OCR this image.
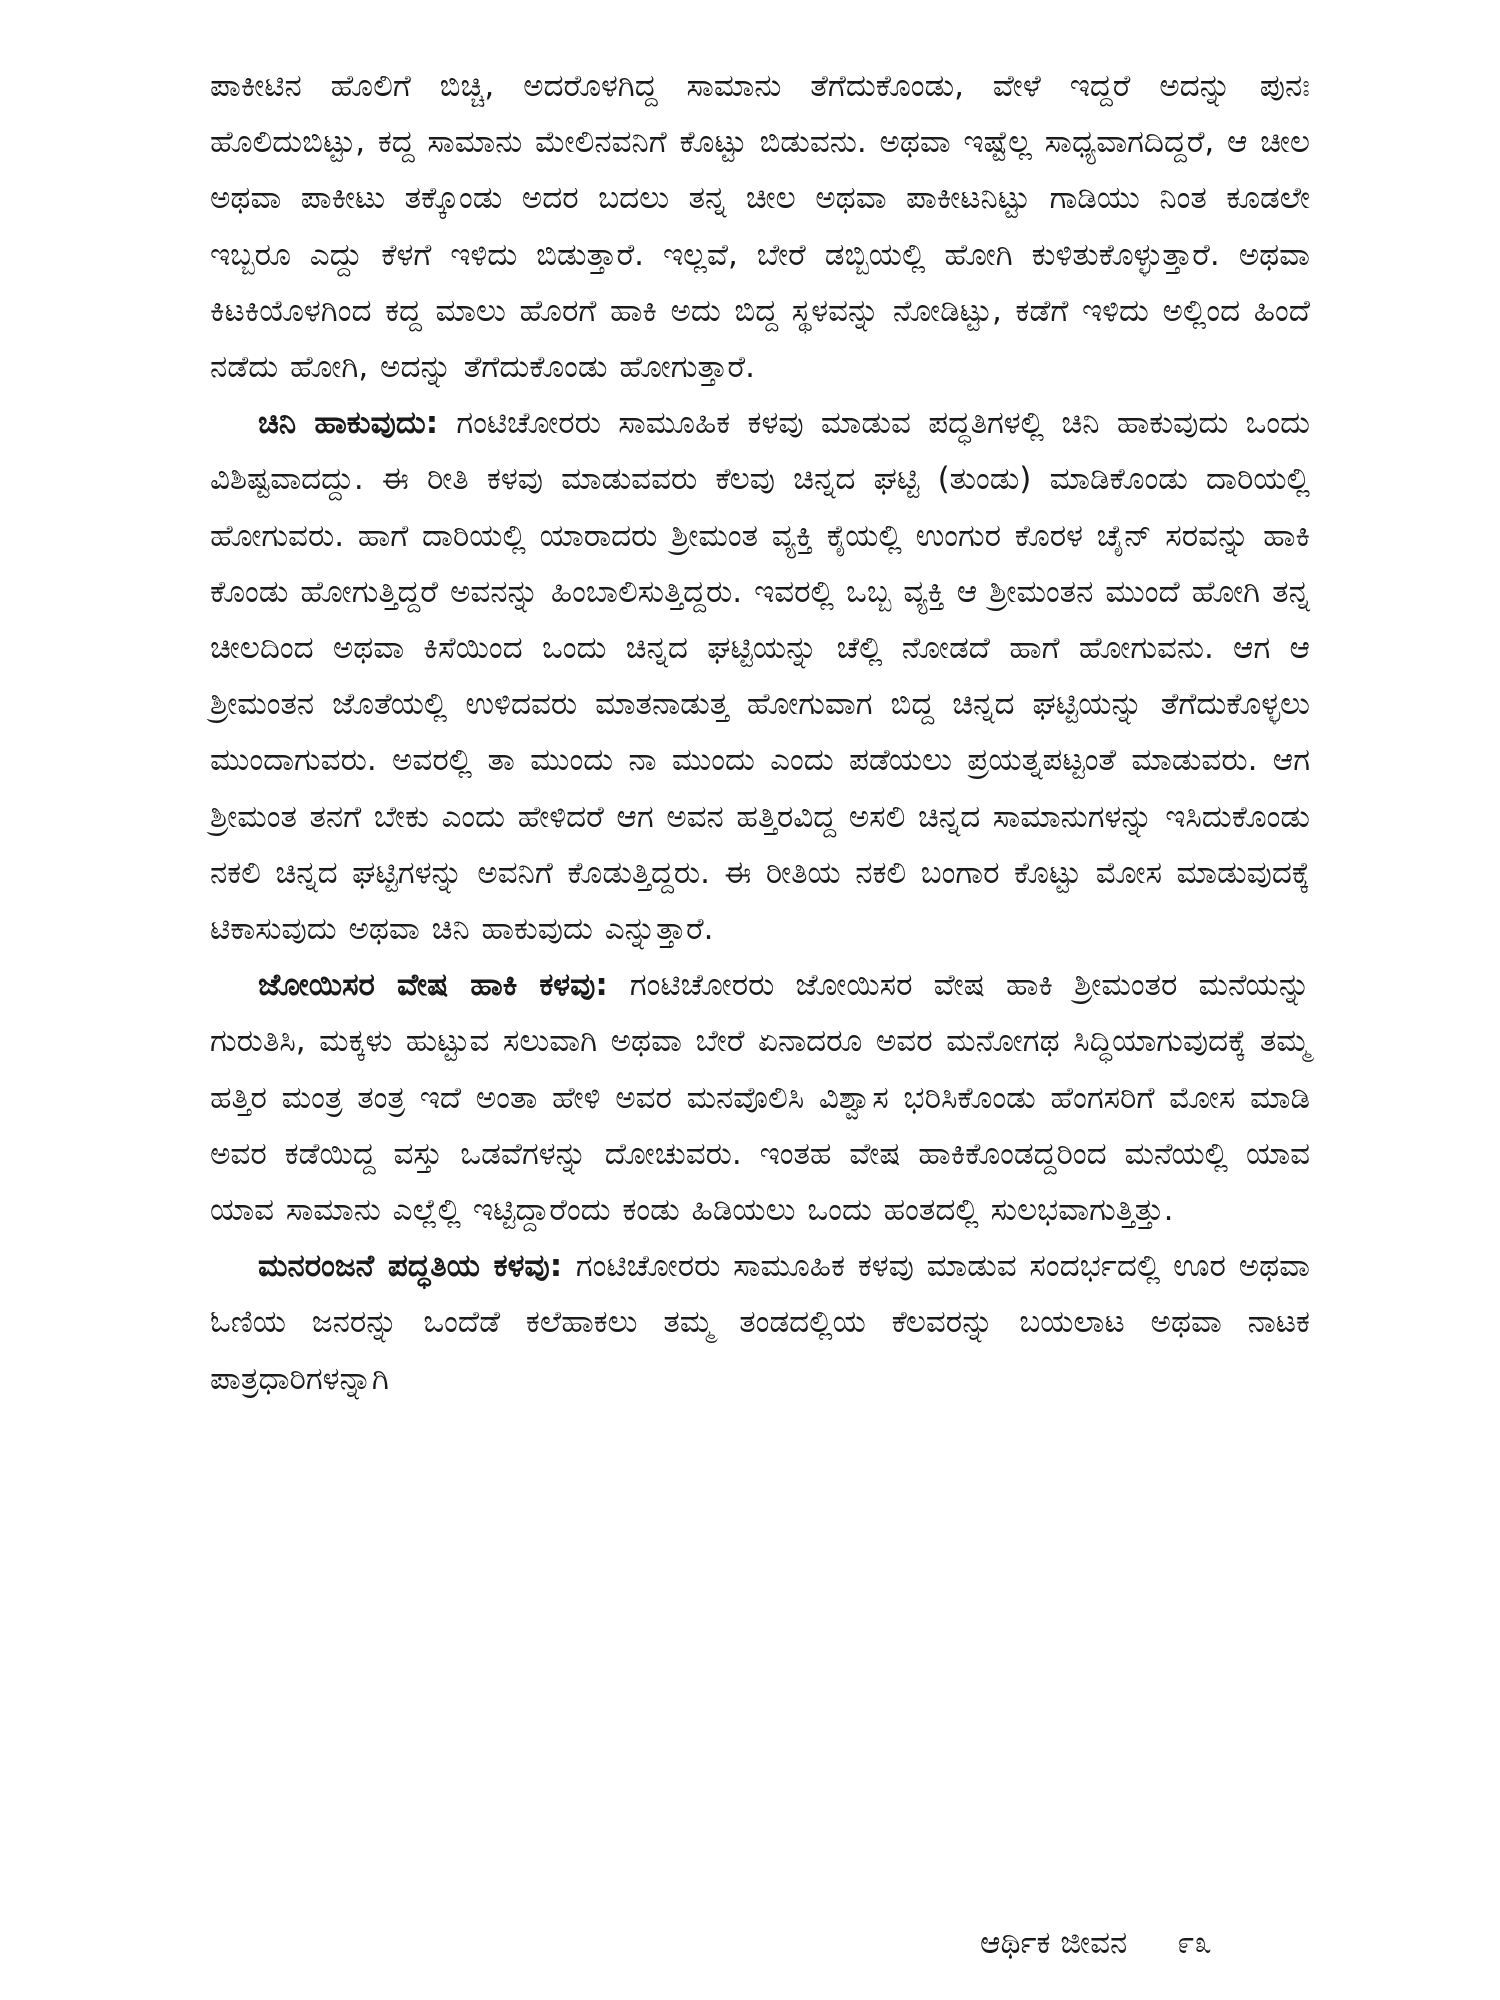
ಪಾಕೀಟಿನ ಹೊಲಿಗೆ ಬಿಚ್ಚಿ, ಅದರೊಳಗಿದ್ದ ಸಾಮಾನು ತೆಗೆದುಕೊಂಡು, ವೇಳೆ ಇದ್ದರೆ ಅದನ್ನು ಪುನಃ ಹೊಲಿದುಬಿಟ್ಟು, ಕದ್ದ ಸಾಮಾನು ಮೇಲಿನವನಿಗೆ ಕೊಟ್ಟು ಬಿಡುವನು. ಅಥವಾ ಇಷ್ಟೆಲ್ಲ ಸಾಧ್ಯವಾಗದಿದ್ದರೆ, ಆ ಚೀಲ ಅಥವಾ ಪಾಕೀಟು ತಕ್ಕೊಂಡು ಅದರ ಬದಲು ತನ್ನ ಚೀಲ ಅಥವಾ ಪಾಕೀಟನಿಟ್ಟು ಗಾಡಿಯು ನಿಂತ ಕೂಡಲೇ ಇಬ್ಬರೂ ಎದ್ದು ಕೆಳಗೆ ಇಳಿದು ಬಿಡುತ್ತಾರೆ. ಇಲ್ಲವೆ, ಬೇರೆ ಡಬ್ಬಿಯಲ್ಲಿ ಹೋಗಿ ಕುಳಿತುಕೊಳ್ಳುತ್ತಾರೆ. ಅಥವಾ ಕಿಟಕಿಯೊಳಗಿಂದ ಕದ್ದ ಮಾಲು ಹೊರಗೆ ಹಾಕಿ ಅದು ಬಿದ್ದ ಸ್ಥಳವನ್ನು ನೋಡಿಟ್ಟು, ಕಡೆಗೆ ಇಳಿದು ಅಲ್ಲಿಂದ ಹಿಂದೆ ನಡೆದು ಹೋಗಿ, ಅದನ್ನು ತೆಗೆದುಕೊಂಡು ಹೋಗುತ್ತಾರೆ.

ಚಿನಿ ಹಾಕುವುದು: ಗಂಟಿಚೋರರು ಸಾಮೂಹಿಕ ಕಳವು ಮಾಡುವ ಪದ್ಧತಿಗಳಲ್ಲಿ ಚಿನಿ ಹಾಕುವುದು ಒಂದು ವಿಶಿಷ್ಟವಾದದ್ದು. ಈ ರೀತಿ ಕಳವು ಮಾಡುವವರು ಕೆಲವು ಚಿನ್ನದ ಘಟ್ಟಿ (ತುಂಡು) ಮಾಡಿಕೊಂಡು ದಾರಿಯಲ್ಲಿ ಹೋಗುವರು. ಹಾಗೆ ದಾರಿಯಲ್ಲಿ ಯಾರಾದರು ಶ್ರೀಮಂತ ವ್ಯಕ್ತಿ ಕೈಯಲ್ಲಿ ಉಂಗುರ ಕೊರಳ ಚೈನ್ ಸರವನ್ನು ಹಾಕಿ ಕೊಂಡು ಹೋಗುತ್ತಿದ್ದರೆ ಅವನನ್ನು ಹಿಂಬಾಲಿಸುತ್ತಿದ್ದರು. ಇವರಲ್ಲಿ ಒಬ್ಬ ವ್ಯಕ್ತಿ ಆ ಶ್ರೀಮಂತನ ಮುಂದೆ ಹೋಗಿ ತನ್ನ ಚೀಲದಿಂದ ಅಥವಾ ಕಿಸೆಯಿಂದ ಒಂದು ಚಿನ್ನದ ಘಟ್ಟಿಯನ್ನು ಚೆಲ್ಲಿ ನೋಡದೆ ಹಾಗೆ ಹೋಗುವನು. ಆಗ ಆ ಶ್ರೀಮಂತನ ಜೊತೆಯಲ್ಲಿ ಉಳಿದವರು ಮಾತನಾಡುತ್ತ ಹೋಗುವಾಗ ಬಿದ್ದ ಚಿನ್ನದ ಘಟ್ಟಿಯನ್ನು ತೆಗೆದುಕೊಳ್ಳಲು ಮುಂದಾಗುವರು. ಅವರಲ್ಲಿ ತಾ ಮುಂದು ನಾ ಮುಂದು ಎಂದು ಪಡೆಯಲು ಪ್ರಯತ್ನಪಟ್ಟಂತೆ ಮಾಡುವರು. ಆಗ ಶ್ರೀಮಂತ ತನಗೆ ಬೇಕು ಎಂದು ಹೇಳಿದರೆ ಆಗ ಅವನ ಹತ್ತಿರವಿದ್ದ ಅಸಲಿ ಚಿನ್ನದ ಸಾಮಾನುಗಳನ್ನು ಇಸಿದುಕೊಂಡು ನಕಲಿ ಚಿನ್ನದ ಘಟ್ಟಿಗಳನ್ನು ಅವನಿಗೆ ಕೊಡುತ್ತಿದ್ದರು. ಈ ರೀತಿಯ ನಕಲಿ ಬಂಗಾರ ಕೊಟ್ಟು ಮೋಸ ಮಾಡುವುದಕ್ಕೆ ಟಿಕಾಸುವುದು ಅಥವಾ ಚಿನಿ ಹಾಕುವುದು ಎನ್ನುತ್ತಾರೆ.

ಜೋಯಿಸರ ವೇಷ ಹಾಕಿ ಕಳವು: ಗಂಟಿಚೋರರು ಜೋಯಿಸರ ವೇಷ ಹಾಕಿ ಶ್ರೀಮಂತರ ಮನೆಯನ್ನು ಗುರುತಿಸಿ, ಮಕ್ಕಳು ಹುಟ್ಟುವ ಸಲುವಾಗಿ ಅಥವಾ ಬೇರೆ ಏನಾದರೂ ಅವರ ಮನೋಗಥ ಸಿದ್ಧಿಯಾಗುವುದಕ್ಕೆ ತಮ್ಮ ಹತ್ತಿರ ಮಂತ್ರ ತಂತ್ರ ಇದೆ ಅಂತಾ ಹೇಳಿ ಅವರ ಮನವೊಲಿಸಿ ವಿಶ್ವಾಸ ಭರಿಸಿಕೊಂಡು ಹೆಂಗಸರಿಗೆ ಮೋಸ ಮಾಡಿ ಅವರ ಕಡೆಯಿದ್ದ ವಸ್ತು ಒಡವೆಗಳನ್ನು ದೋಚುವರು. ಇಂತಹ ವೇಷ ಹಾಕಿಕೊಂಡದ್ದರಿಂದ ಮನೆಯಲ್ಲಿ ಯಾವ ಯಾವ ಸಾಮಾನು ಎಲ್ಲೆಲ್ಲಿ ಇಟ್ಟಿದ್ದಾರೆಂದು ಕಂಡು ಹಿಡಿಯಲು ಒಂದು ಹಂತದಲ್ಲಿ ಸುಲಭವಾಗುತ್ತಿತ್ತು.

ಮನರಂಜನೆ ಪದ್ಧತಿಯ ಕಳವು: ಗಂಟಿಚೋರರು ಸಾಮೂಹಿಕ ಕಳವು ಮಾಡುವ ಸಂದರ್ಭದಲ್ಲಿ ಊರ ಅಥವಾ ಓಣಿಯ ಜನರನ್ನು ಒಂದೆಡೆ ಕಲೆಹಾಕಲು ತಮ್ಮ ತಂಡದಲ್ಲಿಯ ಕೆಲವರನ್ನು ಬಯಲಾಟ ಅಥವಾ ನಾಟಕ ಪಾತ್ರಧಾರಿಗಳನ್ನಾಗಿ

ಆರ್ಥಿಕ ಜೀವನ ೯೩
